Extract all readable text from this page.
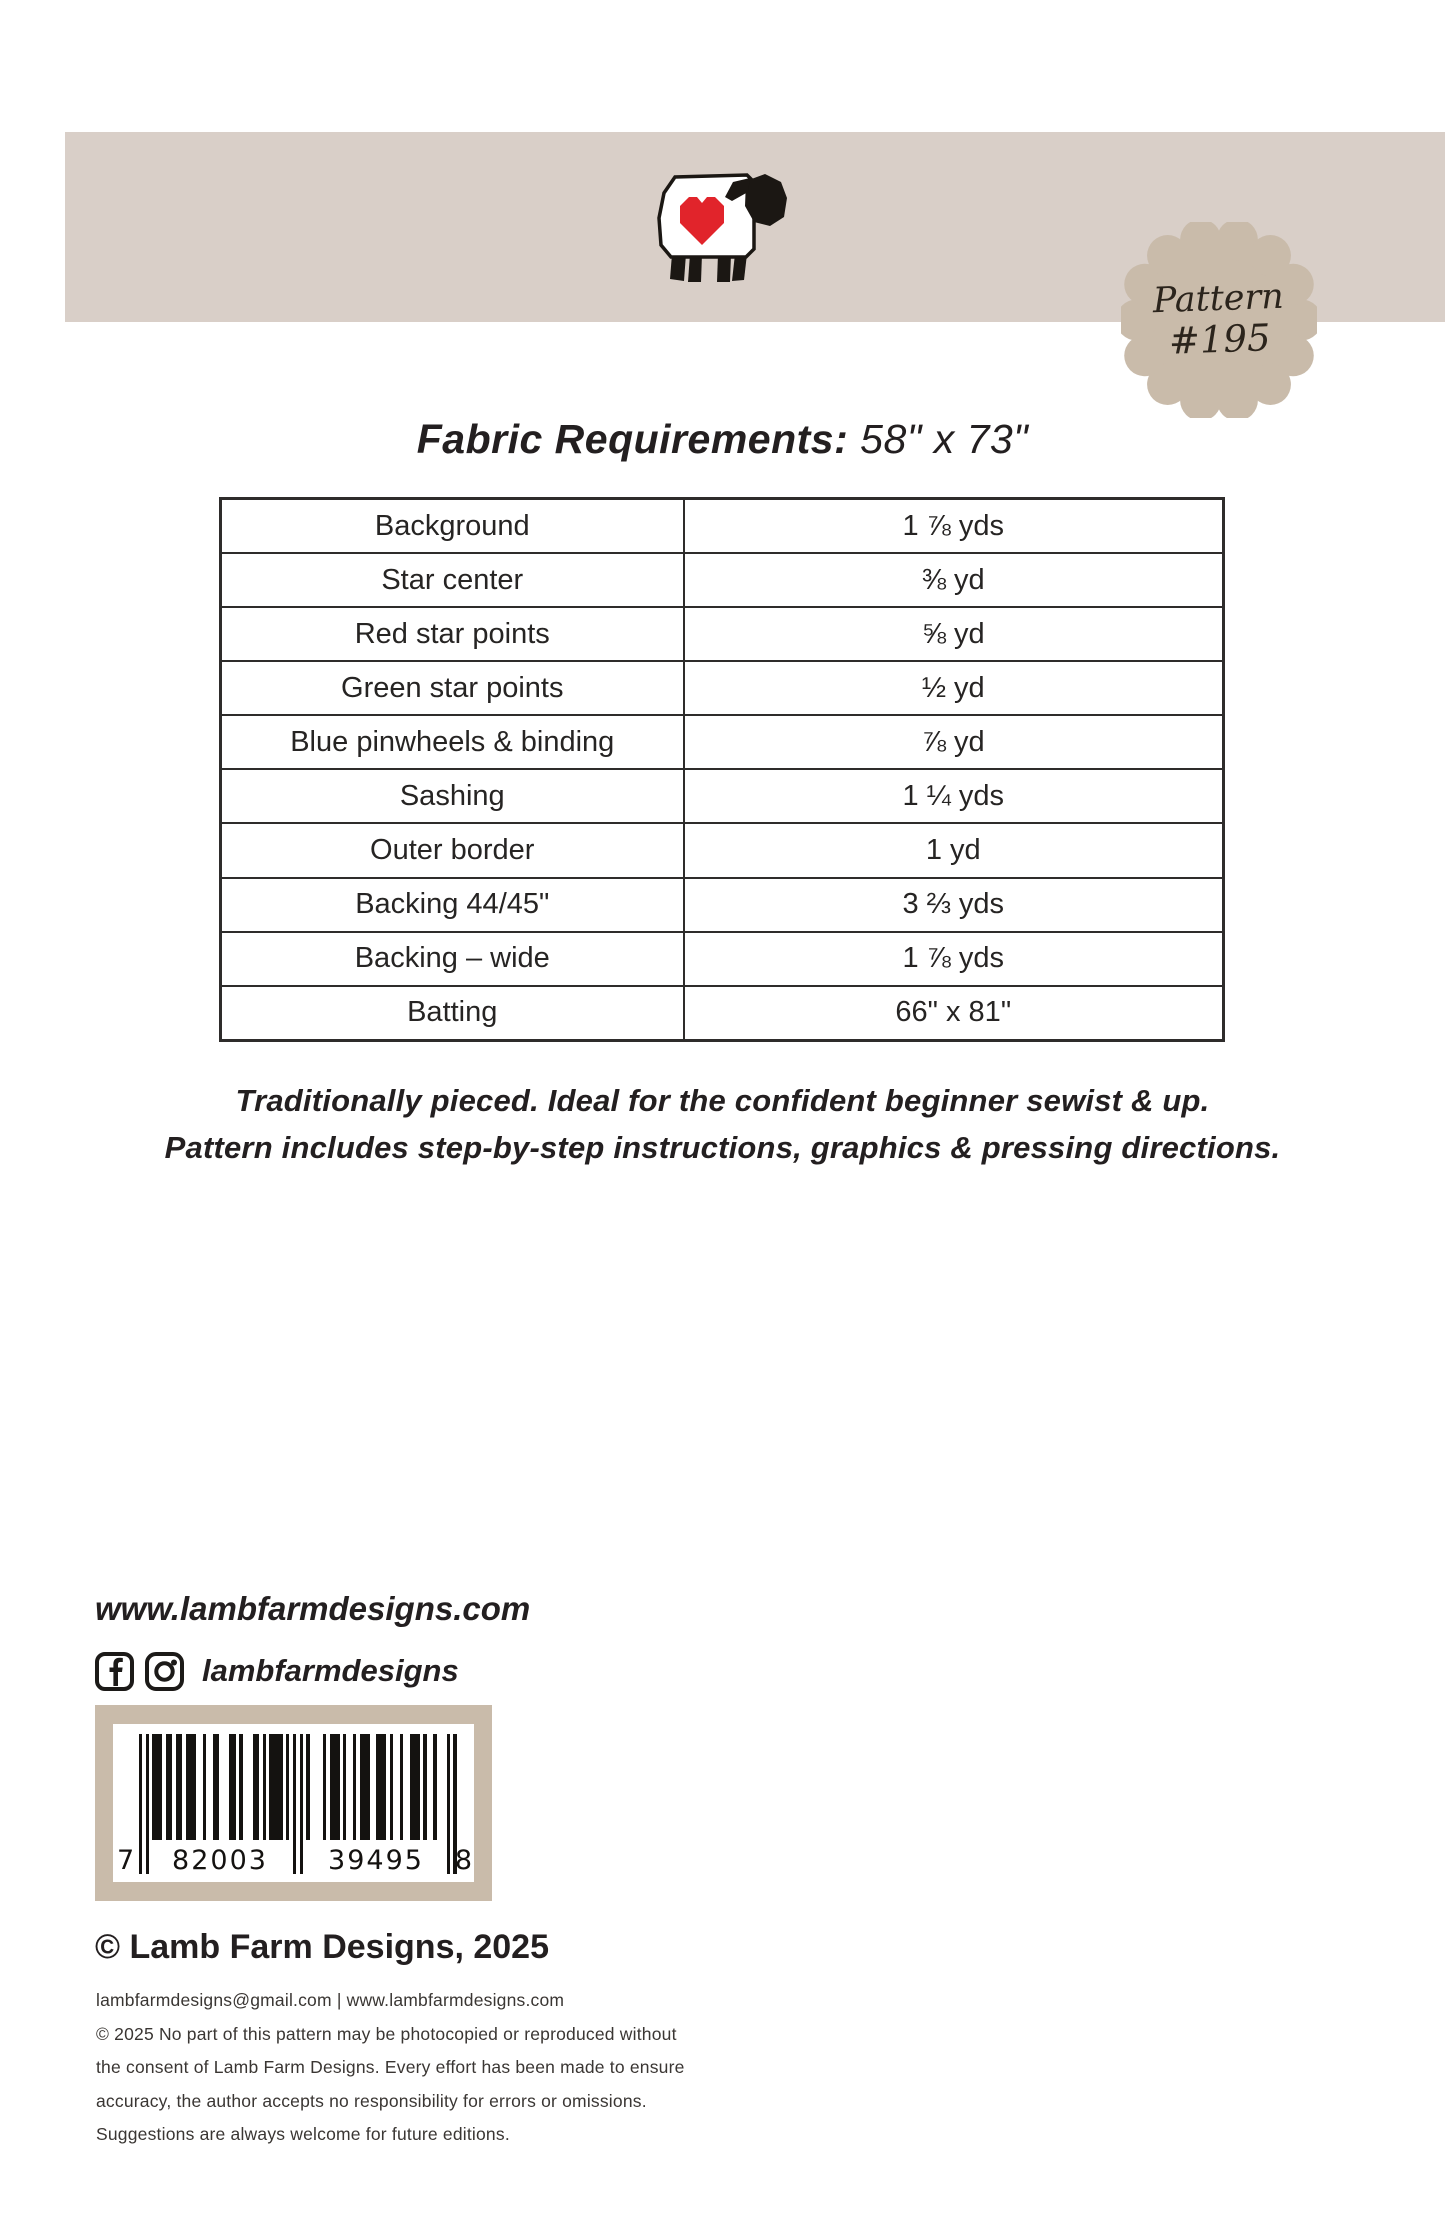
Pattern
#195
Fabric Requirements: 58" x 73"
Background	1 ⅞ yds
Star center	⅜ yd
Red star points	⅝ yd
Green star points	½ yd
Blue pinwheels & binding	⅞ yd
Sashing	1 ¼ yds
Outer border	1 yd
Backing 44/45"	3 ⅔ yds
Backing – wide	1 ⅞ yds
Batting	66" x 81"
Traditionally pieced. Ideal for the confident beginner sewist & up.
Pattern includes step-by-step instructions, graphics & pressing directions.
www.lambfarmdesigns.com
lambfarmdesigns
7	82003	39495	8
© Lamb Farm Designs, 2025
lambfarmdesigns@gmail.com | www.lambfarmdesigns.com
© 2025 No part of this pattern may be photocopied or reproduced without
the consent of Lamb Farm Designs. Every effort has been made to ensure
accuracy, the author accepts no responsibility for errors or omissions.
Suggestions are always welcome for future editions.
